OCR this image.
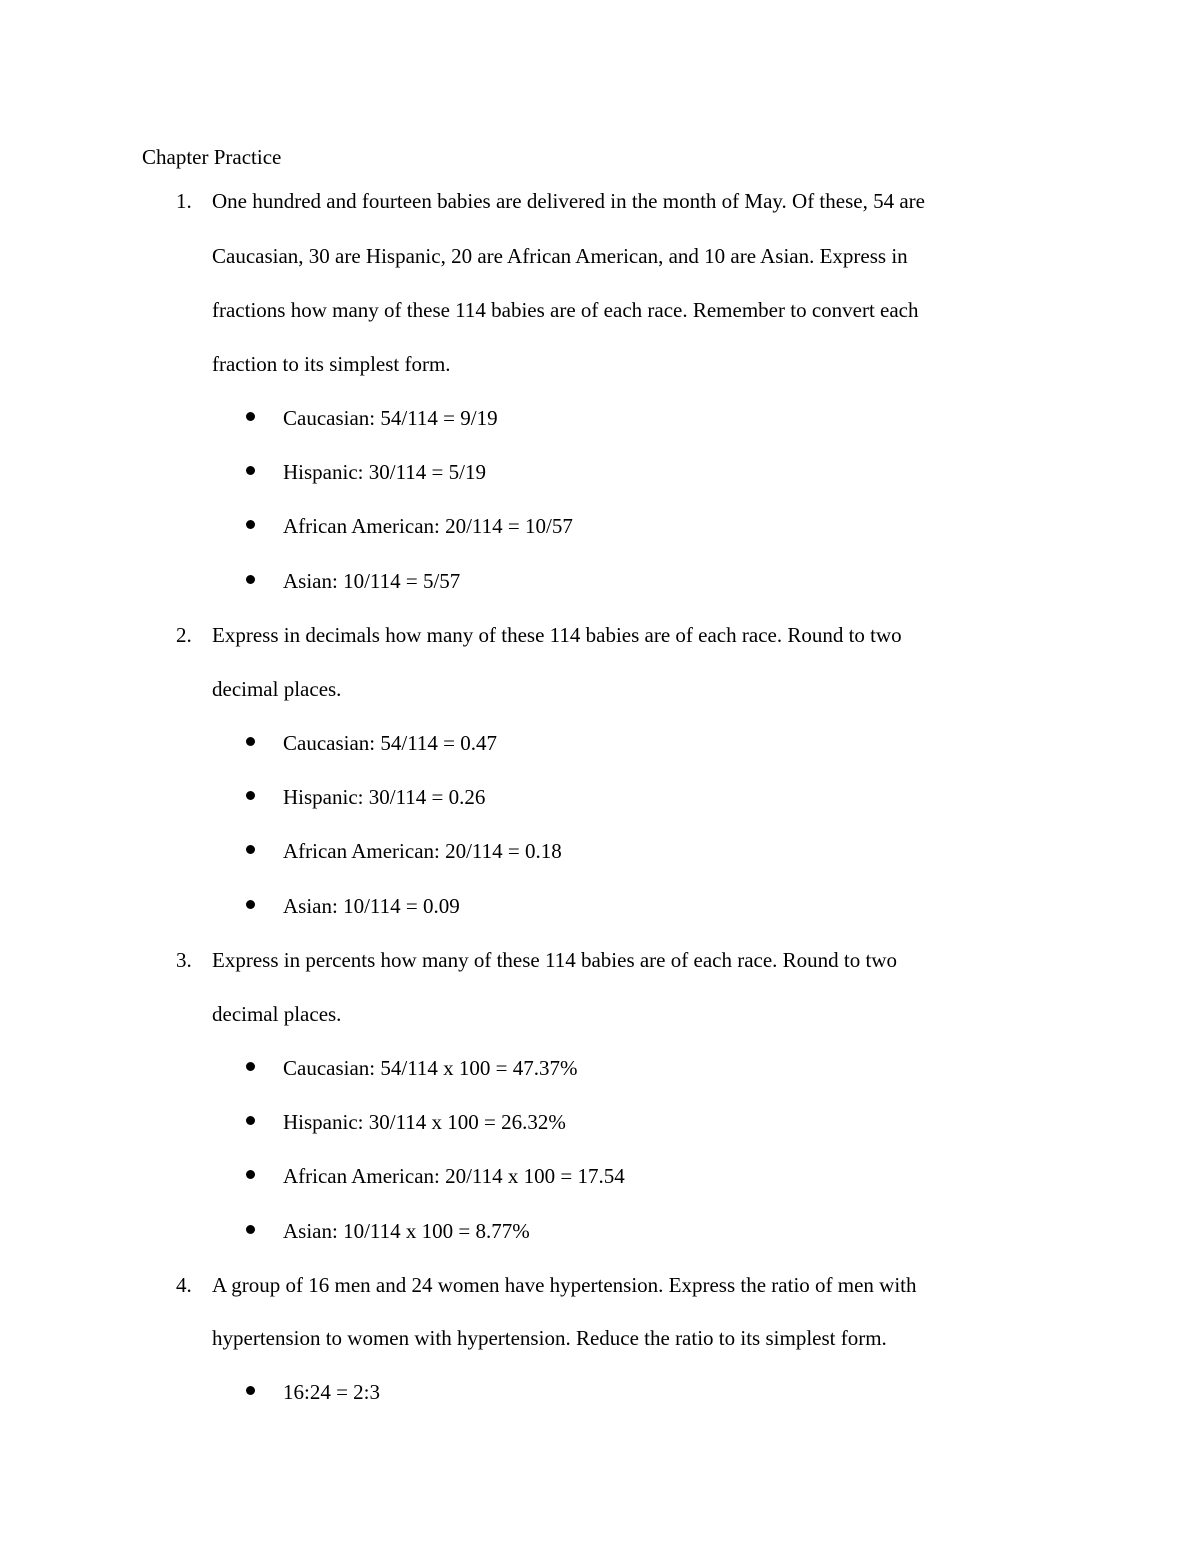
Chapter Practice
1. One hundred and fourteen babies are delivered in the month of May. Of these, 54 are
Caucasian, 30 are Hispanic, 20 are African American, and 10 are Asian. Express in
fractions how many of these 114 babies are of each race. Remember to convert each
fraction to its simplest form.
Caucasian: 54/114 = 9/19
Hispanic: 30/114 = 5/19
African American: 20/114 = 10/57
Asian: 10/114 = 5/57
2. Express in decimals how many of these 114 babies are of each race. Round to two
decimal places.
Caucasian: 54/114 = 0.47
Hispanic: 30/114 = 0.26
African American: 20/114 = 0.18
Asian: 10/114 = 0.09
3. Express in percents how many of these 114 babies are of each race. Round to two
decimal places.
Caucasian: 54/114 x 100 = 47.37%
Hispanic: 30/114 x 100 = 26.32%
African American: 20/114 x 100 = 17.54
Asian: 10/114 x 100 = 8.77%
4. A group of 16 men and 24 women have hypertension. Express the ratio of men with
hypertension to women with hypertension. Reduce the ratio to its simplest form.
16:24 = 2:3
